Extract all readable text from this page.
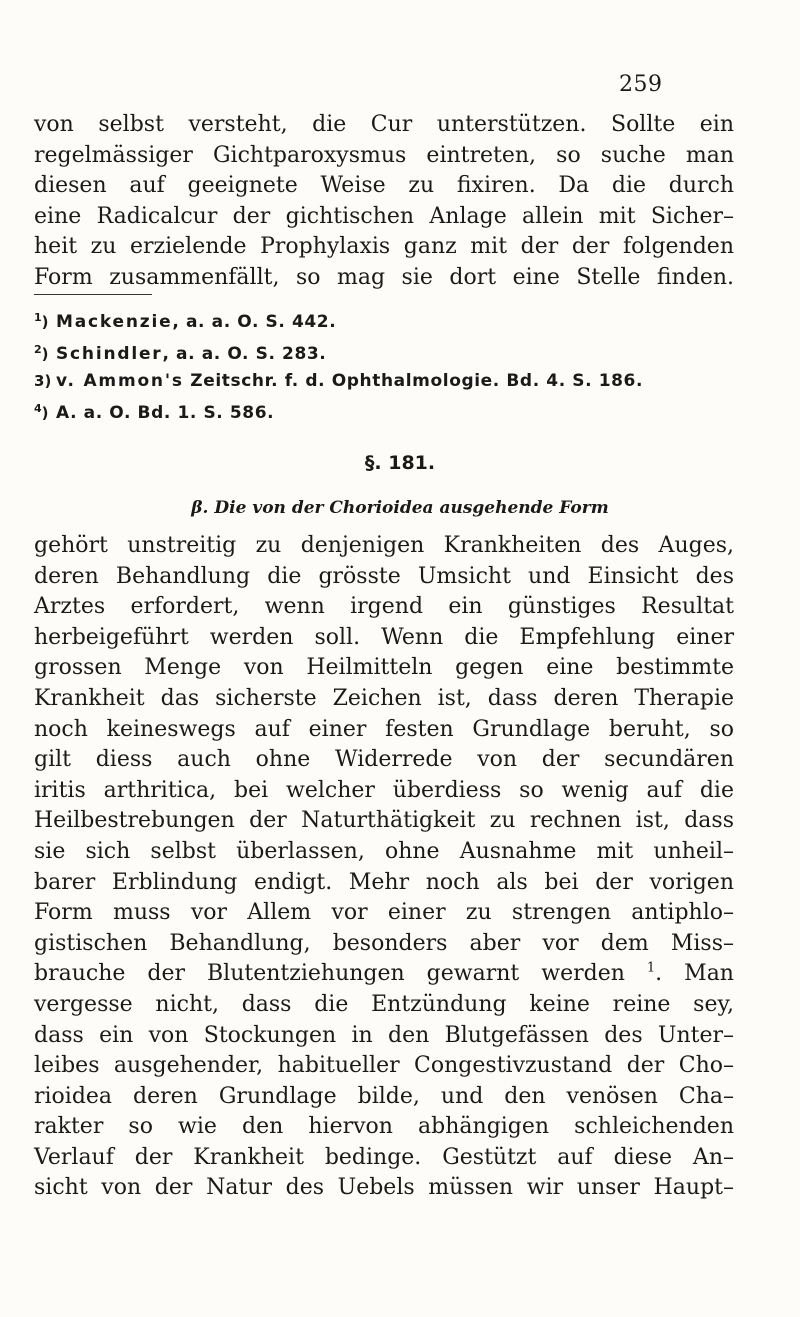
259
von selbst versteht, die Cur unterstützen. Sollte ein
regelmässiger Gichtparoxysmus eintreten, so suche man
diesen auf geeignete Weise zu fixiren. Da die durch
eine Radicalcur der gichtischen Anlage allein mit Sicher–
heit zu erzielende Prophylaxis ganz mit der der folgenden
Form zusammenfällt, so mag sie dort eine Stelle finden.
$^1$) Mackenzie , a. a. O. S. 442.
$^2$) Schindler , a. a. O. S. 283.
3) v. Ammon's Zeitschr. f. d. Ophthalmologie. Bd. 4. S. 186.
$^4$) A. a. O. Bd. 1. S. 586.
§. 181.
β. Die von der Chorioidea ausgehende Form
gehört unstreitig zu denjenigen Krankheiten des Auges,
deren Behandlung die grösste Umsicht und Einsicht des
Arztes erfordert, wenn irgend ein günstiges Resultat
herbeigeführt werden soll. Wenn die Empfehlung einer
grossen Menge von Heilmitteln gegen eine bestimmte
Krankheit das sicherste Zeichen ist, dass deren Therapie
noch keineswegs auf einer festen Grundlage beruht, so
gilt diess auch ohne Widerrede von der secundären
iritis arthritica, bei welcher überdiess so wenig auf die
Heilbestrebungen der Naturthätigkeit zu rechnen ist, dass
sie sich selbst überlassen, ohne Ausnahme mit unheil–
barer Erblindung endigt. Mehr noch als bei der vorigen
Form muss vor Allem vor einer zu strengen antiphlo–
gistischen Behandlung, besonders aber vor dem Miss–
brauche der Blutentziehungen gewarnt werden $^1$. Man
vergesse nicht, dass die Entzündung keine reine sey,
dass ein von Stockungen in den Blutgefässen des Unter–
leibes ausgehender, habitueller Congestivzustand der Cho–
rioidea deren Grundlage bilde, und den venösen Cha–
rakter so wie den hiervon abhängigen schleichenden
Verlauf der Krankheit bedinge. Gestützt auf diese An–
sicht von der Natur des Uebels müssen wir unser Haupt–
